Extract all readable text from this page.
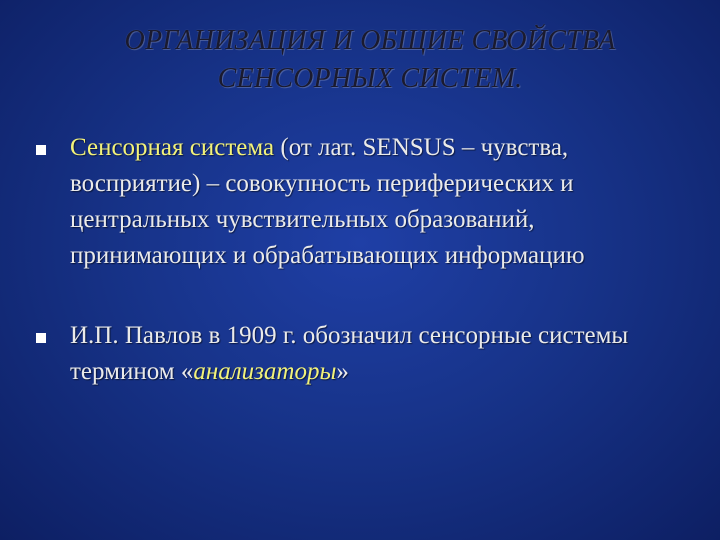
ОРГАНИЗАЦИЯ И ОБЩИЕ СВОЙСТВА
СЕНСОРНЫХ СИСТЕМ.
Сенсорная система (от лат. SENSUS – чувства, восприятие) – совокупность периферических и центральных чувствительных образований, принимающих и обрабатывающих информацию
И.П. Павлов в 1909 г. обозначил сенсорные системы термином «анализаторы»
